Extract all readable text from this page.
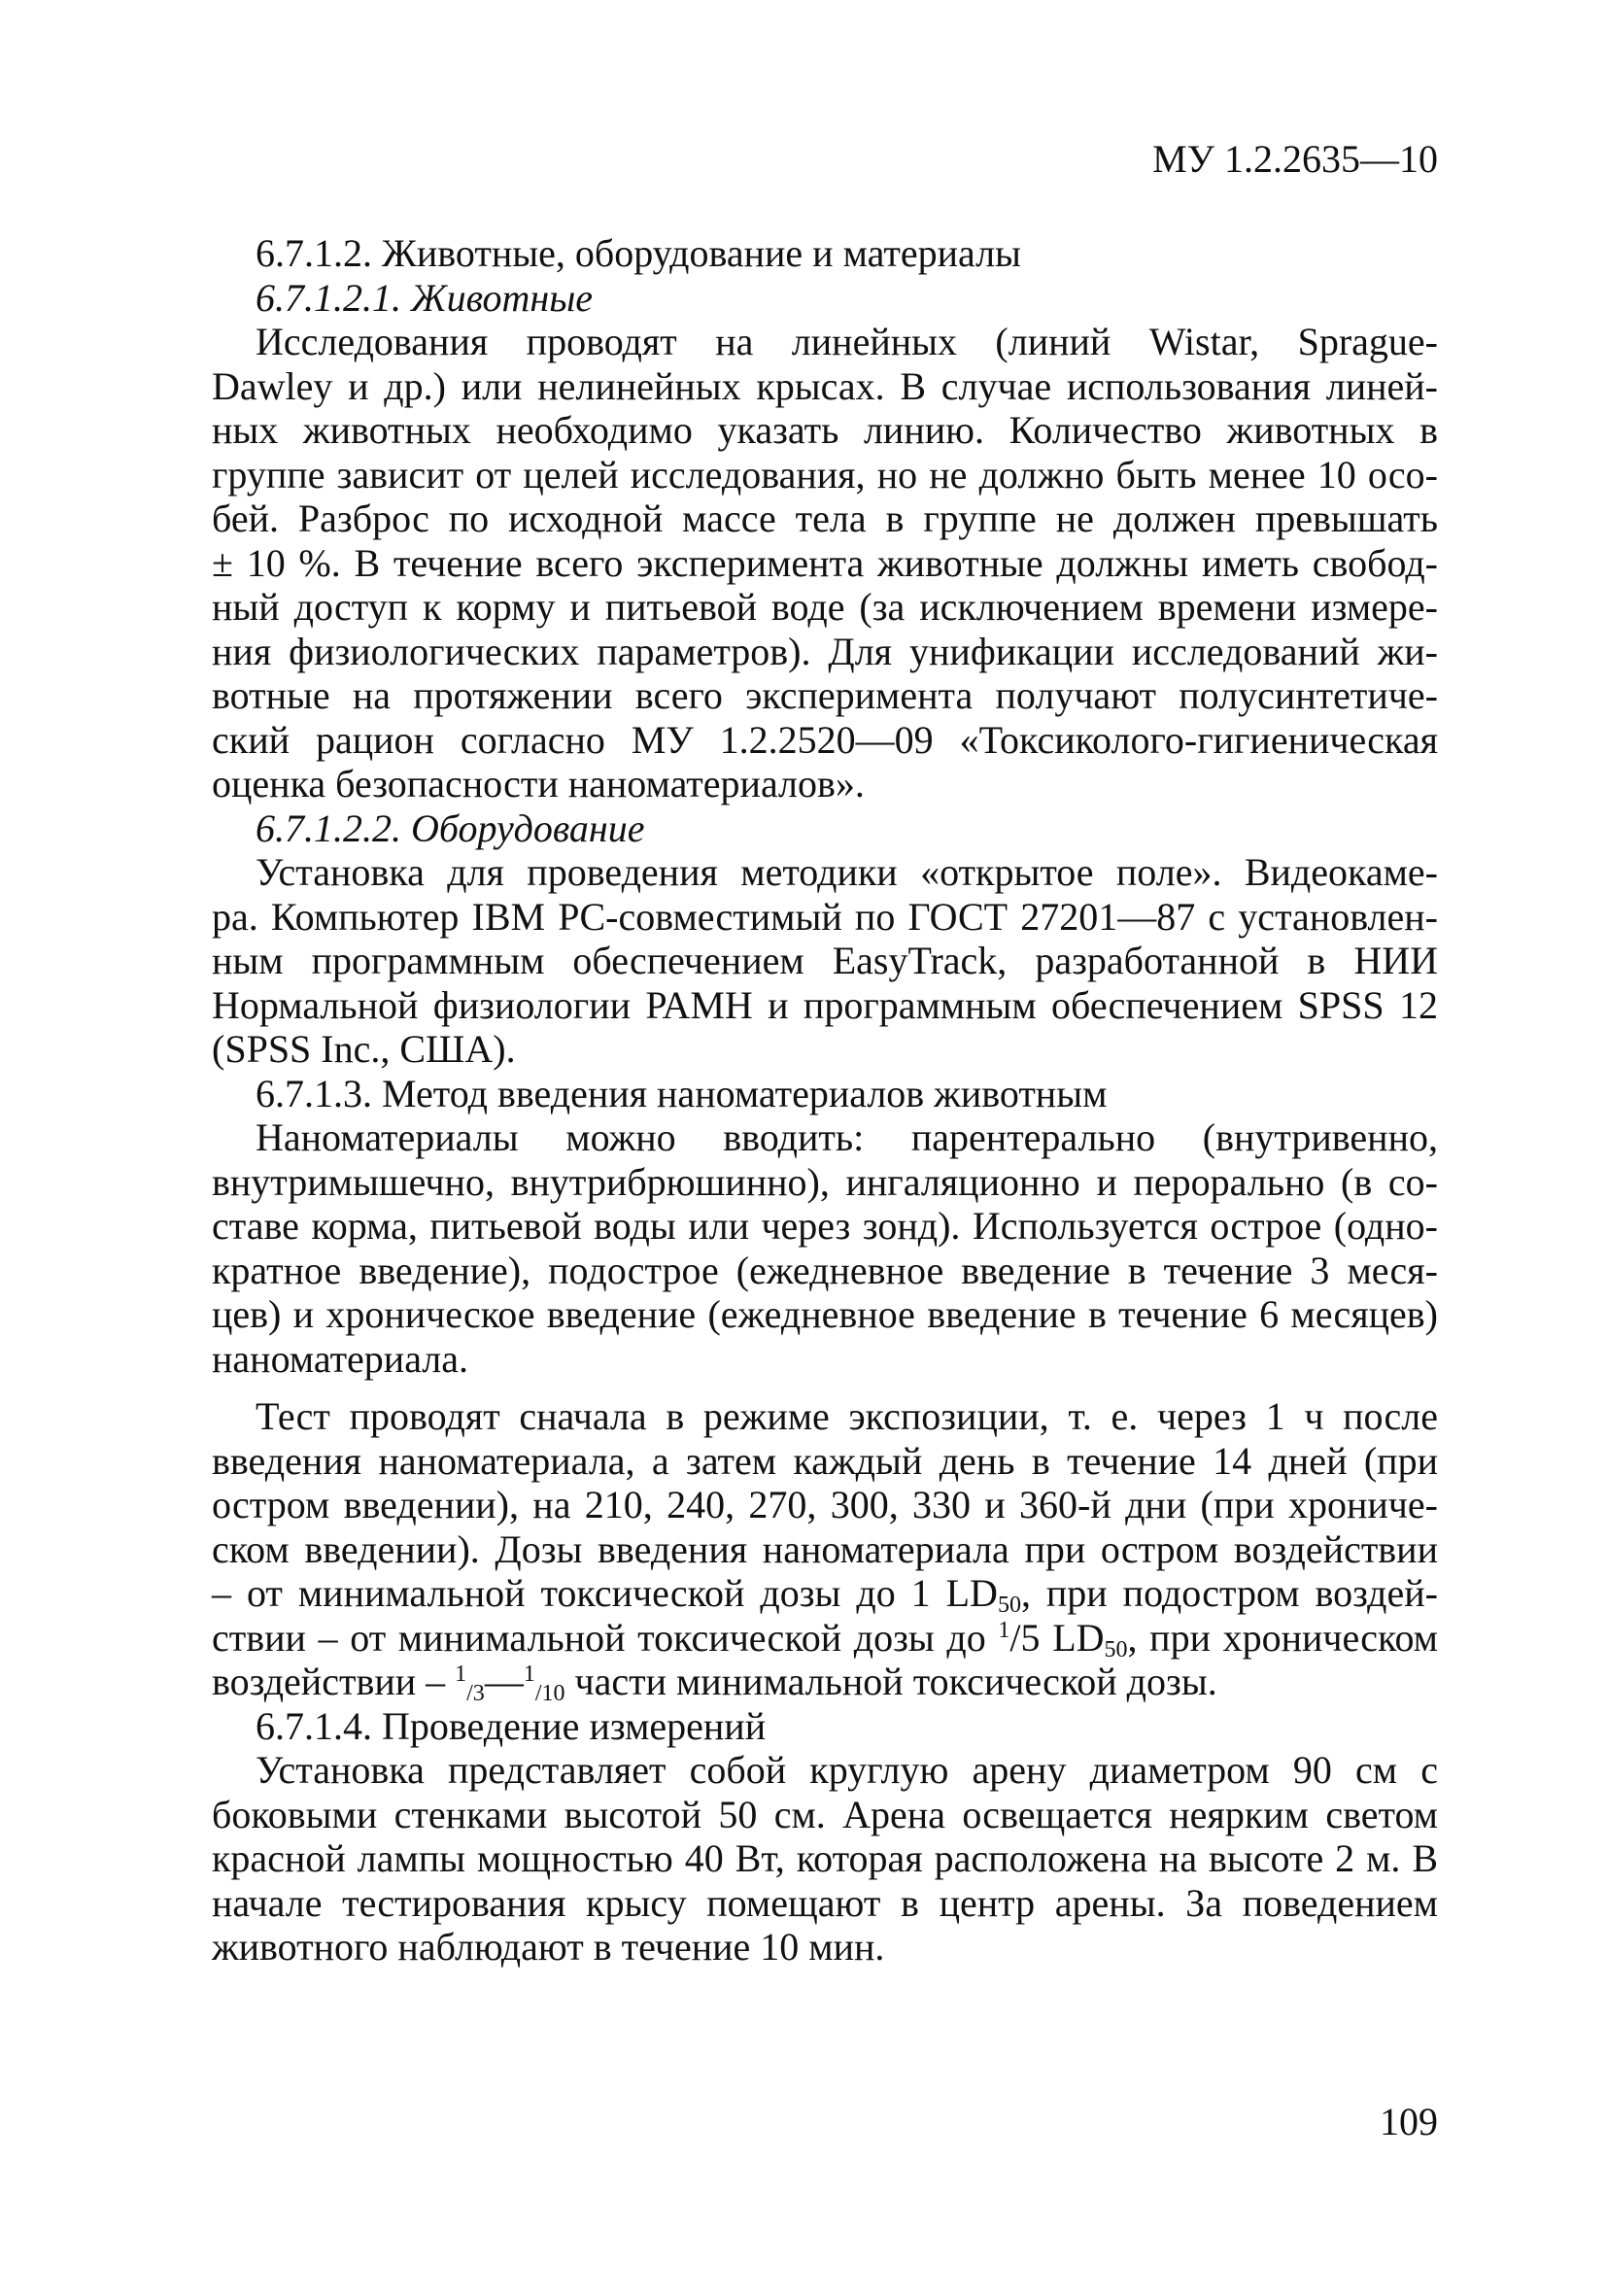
МУ 1.2.2635—10
6.7.1.2. Животные, оборудование и материалы
6.7.1.2.1. Животные
Исследования проводят на линейных (линий Wistar, Sprague-
Dawley и др.) или нелинейных крысах. В случае использования линей-
ных животных необходимо указать линию. Количество животных в
группе зависит от целей исследования, но не должно быть менее 10 осо-
бей. Разброс по исходной массе тела в группе не должен превышать
± 10 %. В течение всего эксперимента животные должны иметь свобод-
ный доступ к корму и питьевой воде (за исключением времени измере-
ния физиологических параметров). Для унификации исследований жи-
вотные на протяжении всего эксперимента получают полусинтетиче-
ский рацион согласно МУ 1.2.2520—09 «Токсиколого-гигиеническая
оценка безопасности наноматериалов».
6.7.1.2.2. Оборудование
Установка для проведения методики «открытое поле». Видеокаме-
ра. Компьютер IBM PC-совместимый по ГОСТ 27201—87 с установлен-
ным программным обеспечением EasyTrack, разработанной в НИИ
Нормальной физиологии РАМН и программным обеспечением SPSS 12
(SPSS Inc., США).
6.7.1.3. Метод введения наноматериалов животным
Наноматериалы можно вводить: парентерально (внутривенно,
внутримышечно, внутрибрюшинно), ингаляционно и перорально (в со-
ставе корма, питьевой воды или через зонд). Используется острое (одно-
кратное введение), подострое (ежедневное введение в течение 3 меся-
цев) и хроническое введение (ежедневное введение в течение 6 месяцев)
наноматериала.
Тест проводят сначала в режиме экспозиции, т. е. через 1 ч после
введения наноматериала, а затем каждый день в течение 14 дней (при
остром введении), на 210, 240, 270, 300, 330 и 360-й дни (при хрониче-
ском введении). Дозы введения наноматериала при остром воздействии
– от минимальной токсической дозы до 1 $LD_{50}$, при подостром воздей-
ствии – от минимальной токсической дозы до $^1$/5 $LD_{50}$, при хроническом
воздействии – $^1_{/3}$—$^1_{/10}$ части минимальной токсической дозы.
6.7.1.4. Проведение измерений
Установка представляет собой круглую арену диаметром 90 см с
боковыми стенками высотой 50 см. Арена освещается неярким светом
красной лампы мощностью 40 Вт, которая расположена на высоте 2 м. В
начале тестирования крысу помещают в центр арены. За поведением
животного наблюдают в течение 10 мин.
109
